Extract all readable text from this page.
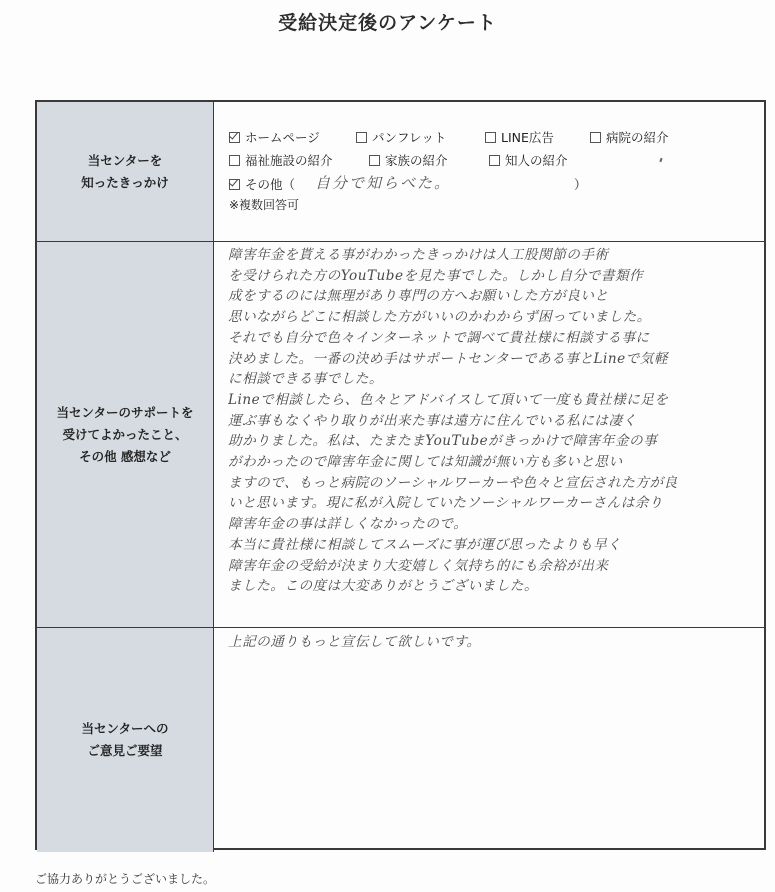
受給決定後のアンケート
当センターを
知ったきっかけ
ホームページ	パンフレット	LINE広告	病院の紹介
福祉施設の紹介	家族の紹介	知人の紹介
その他（ 自分で知らべた。	）
※複数回答可
当センターのサポートを
受けてよかったこと、
その他 感想など
障害年金を貰える事がわかったきっかけは人工股関節の手術
を受けられた方のYouTubeを見た事でした。しかし自分で書類作
成をするのには無理があり専門の方へお願いした方が良いと
思いながらどこに相談した方がいいのかわからず困っていました。
それでも自分で色々インターネットで調べて貴社様に相談する事に
決めました。一番の決め手はサポートセンターである事とLineで気軽
に相談できる事でした。
Lineで相談したら、色々とアドバイスして頂いて一度も貴社様に足を
運ぶ事もなくやり取りが出来た事は遠方に住んでいる私には凄く
助かりました。私は、たまたまYouTubeがきっかけで障害年金の事
がわかったので障害年金に関しては知識が無い方も多いと思い
ますので、もっと病院のソーシャルワーカーや色々と宣伝された方が良
いと思います。現に私が入院していたソーシャルワーカーさんは余り
障害年金の事は詳しくなかったので。
本当に貴社様に相談してスムーズに事が運び思ったよりも早く
障害年金の受給が決まり大変嬉しく気持ち的にも余裕が出来
ました。この度は大変ありがとうございました。
当センターへの
ご意見ご要望
上記の通りもっと宣伝して欲しいです。
ご協力ありがとうございました。
